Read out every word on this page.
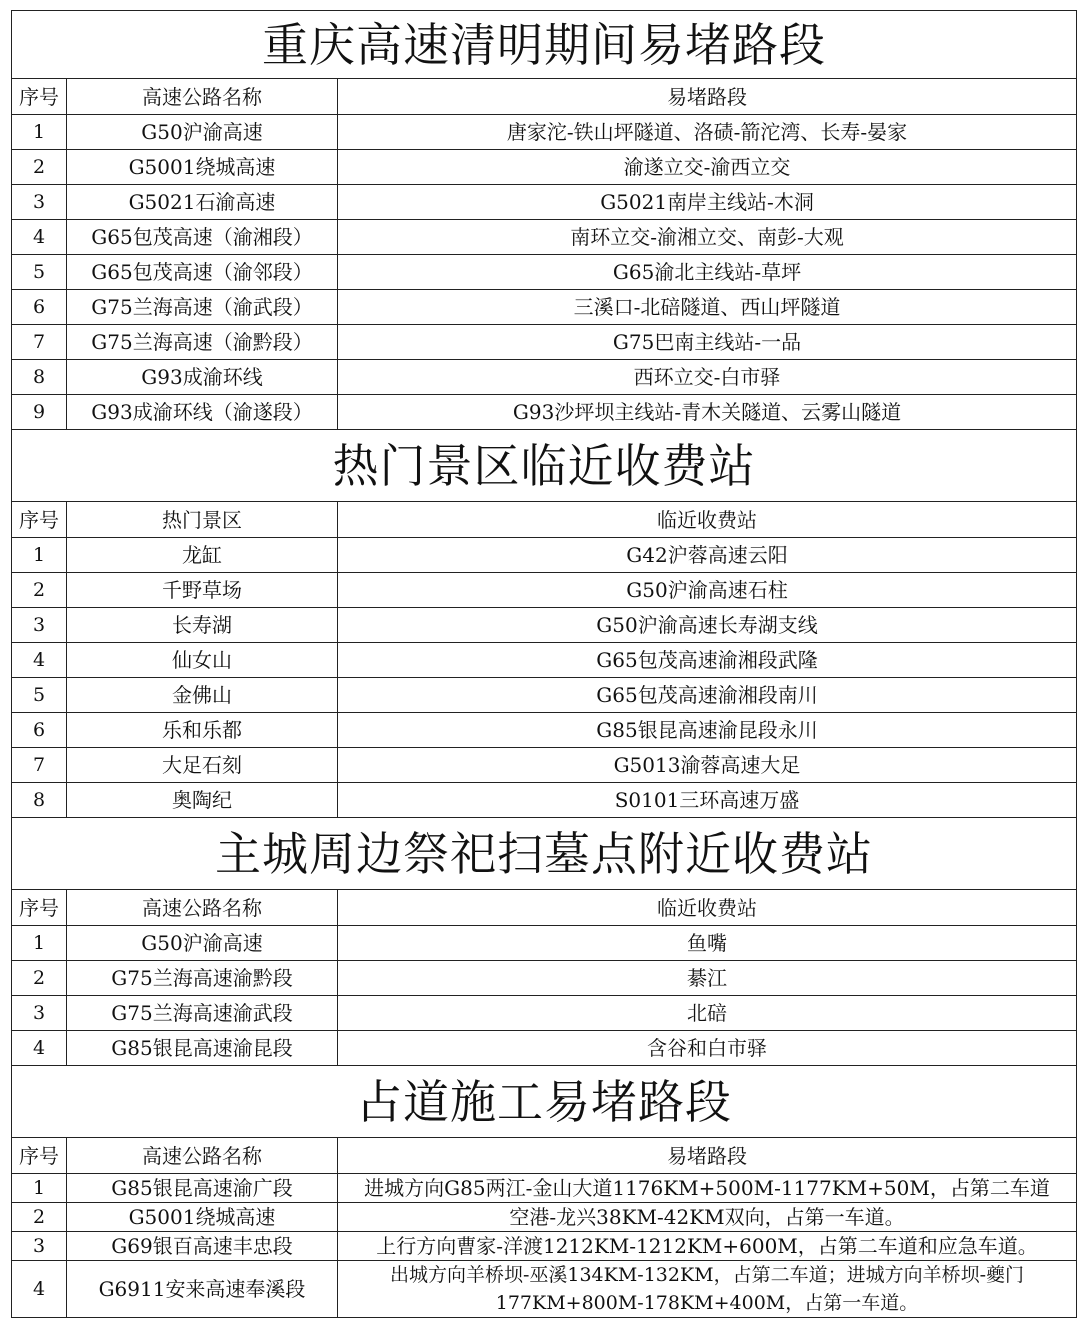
重庆高速清明期间易堵路段		
序号	高速公路名称	易堵路段
1	G50沪渝高速	唐家沱-铁山坪隧道、洛碛-箭沱湾、长寿-晏家
2	G5001绕城高速	渝遂立交-渝西立交
3	G5021石渝高速	G5021南岸主线站-木洞
4	G65包茂高速（渝湘段）	南环立交-渝湘立交、南彭-大观
5	G65包茂高速（渝邻段）	G65渝北主线站-草坪
6	G75兰海高速（渝武段）	三溪口-北碚隧道、西山坪隧道
7	G75兰海高速（渝黔段）	G75巴南主线站-一品
8	G93成渝环线	西环立交-白市驿
9	G93成渝环线（渝遂段）	G93沙坪坝主线站-青木关隧道、云雾山隧道
热门景区临近收费站		
序号	热门景区	临近收费站
1	龙缸	G42沪蓉高速云阳
2	千野草场	G50沪渝高速石柱
3	长寿湖	G50沪渝高速长寿湖支线
4	仙女山	G65包茂高速渝湘段武隆
5	金佛山	G65包茂高速渝湘段南川
6	乐和乐都	G85银昆高速渝昆段永川
7	大足石刻	G5013渝蓉高速大足
8	奥陶纪	S0101三环高速万盛
主城周边祭祀扫墓点附近收费站		
序号	高速公路名称	临近收费站
1	G50沪渝高速	鱼嘴
2	G75兰海高速渝黔段	綦江
3	G75兰海高速渝武段	北碚
4	G85银昆高速渝昆段	含谷和白市驿
占道施工易堵路段		
序号	高速公路名称	易堵路段
1	G85银昆高速渝广段	进城方向G85两江-金山大道1176KM+500M-1177KM+50M，占第二车道
2	G5001绕城高速	空港-龙兴38KM-42KM双向，占第一车道。
3	G69银百高速丰忠段	上行方向曹家-洋渡1212KM-1212KM+600M，占第二车道和应急车道。
4	G6911安来高速奉溪段	出城方向羊桥坝-巫溪134KM-132KM，占第二车道；进城方向羊桥坝-夔门177KM+800M-178KM+400M，占第一车道。
